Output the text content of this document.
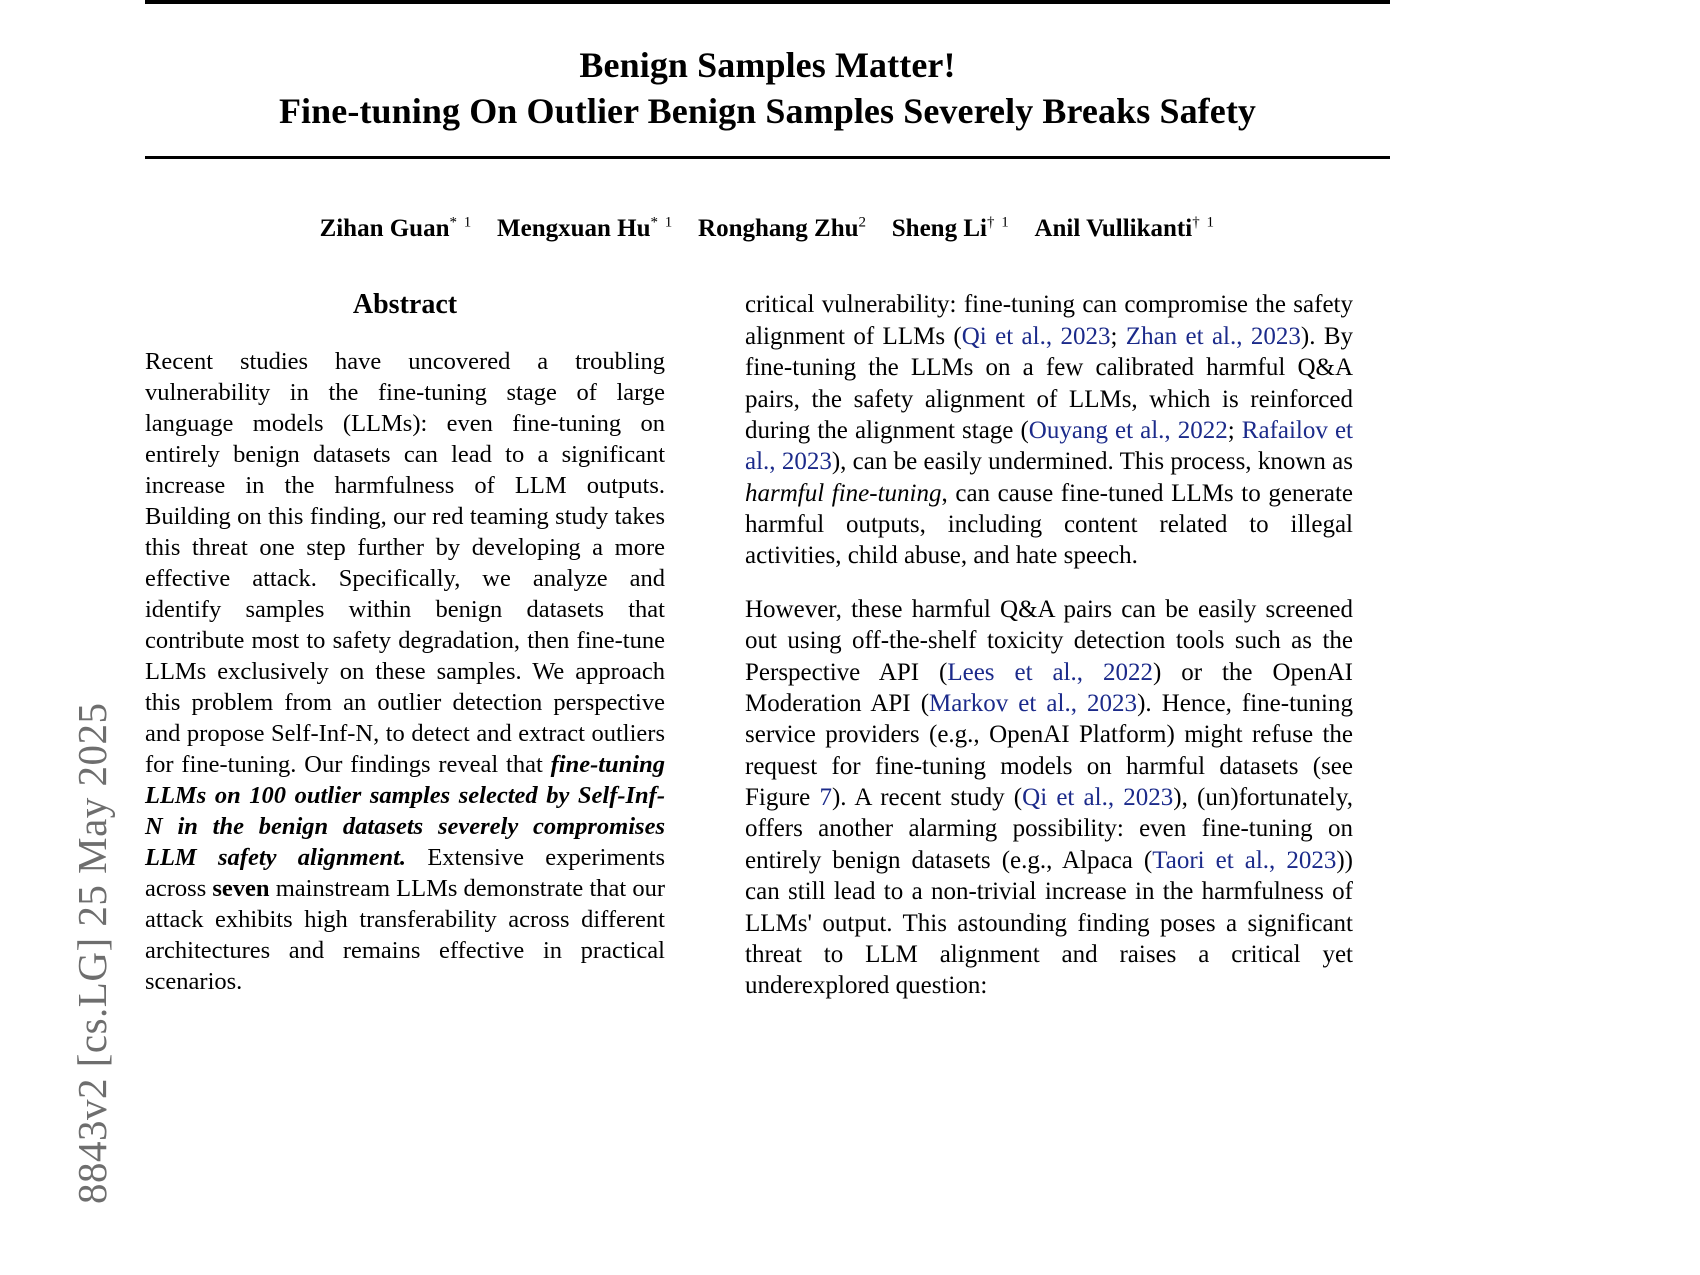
8843v2 [cs.LG] 25 May 2025
Benign Samples Matter!
Fine-tuning On Outlier Benign Samples Severely Breaks Safety
Zihan Guan$^{* 1}$ Mengxuan Hu$^{* 1}$ Ronghang Zhu$^2$ Sheng Li$^{\dagger 1}$ Anil Vullikanti$^{\dagger 1}$
Abstract

Recent studies have uncovered a troubling vulnerability in the fine-tuning stage of large language models (LLMs): even fine-tuning on entirely benign datasets can lead to a significant increase in the harmfulness of LLM outputs. Building on this finding, our red teaming study takes this threat one step further by developing a more effective attack. Specifically, we analyze and identify samples within benign datasets that contribute most to safety degradation, then fine-tune LLMs exclusively on these samples. We approach this problem from an outlier detection perspective and propose Self-Inf-N, to detect and extract outliers for fine-tuning. Our findings reveal that fine-tuning LLMs on 100 outlier samples selected by Self-Inf-N in the benign datasets severely compromises LLM safety alignment. Extensive experiments across seven mainstream LLMs demonstrate that our attack exhibits high transferability across different architectures and remains effective in practical scenarios.

critical vulnerability: fine-tuning can compromise the safety alignment of LLMs (Qi et al., 2023; Zhan et al., 2023). By fine-tuning the LLMs on a few calibrated harmful Q&A pairs, the safety alignment of LLMs, which is reinforced during the alignment stage (Ouyang et al., 2022; Rafailov et al., 2023), can be easily undermined. This process, known as harmful fine-tuning, can cause fine-tuned LLMs to generate harmful outputs, including content related to illegal activities, child abuse, and hate speech.

However, these harmful Q&A pairs can be easily screened out using off-the-shelf toxicity detection tools such as the Perspective API (Lees et al., 2022) or the OpenAI Moderation API (Markov et al., 2023). Hence, fine-tuning service providers (e.g., OpenAI Platform) might refuse the request for fine-tuning models on harmful datasets (see Figure 7). A recent study (Qi et al., 2023), (un)fortunately, offers another alarming possibility: even fine-tuning on entirely benign datasets (e.g., Alpaca (Taori et al., 2023)) can still lead to a non-trivial increase in the harmfulness of LLMs' output. This astounding finding poses a significant threat to LLM alignment and raises a critical yet underexplored question:
